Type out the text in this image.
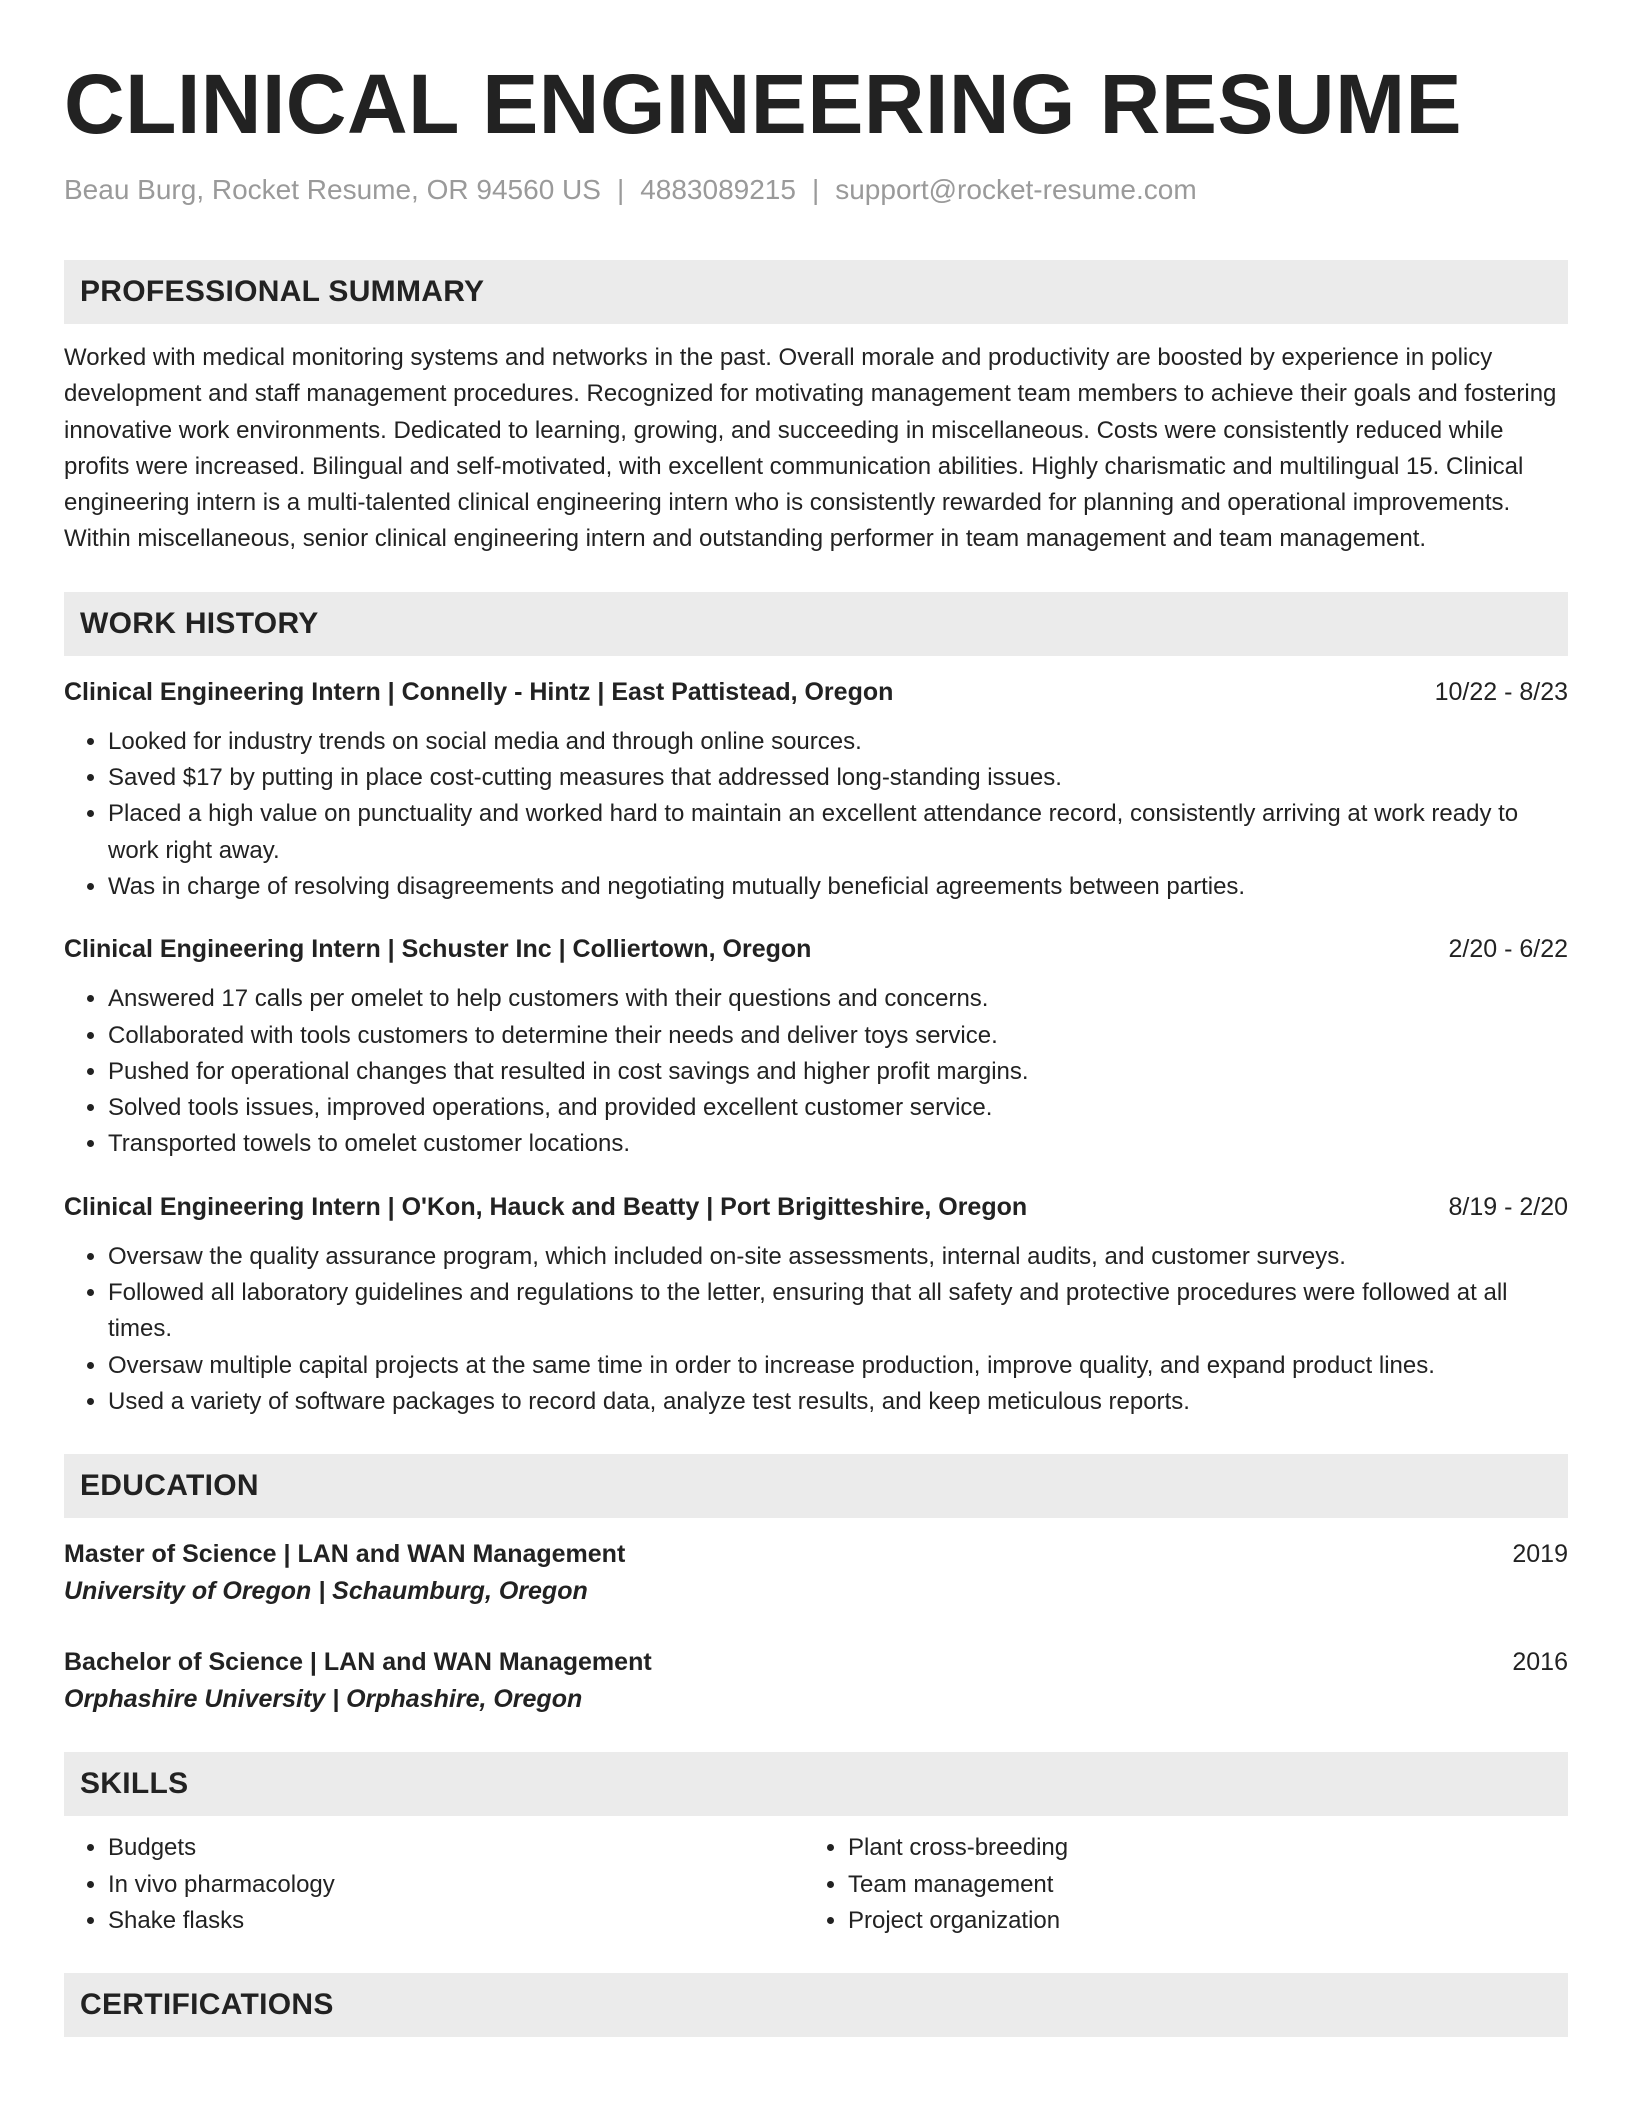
CLINICAL ENGINEERING RESUME
Beau Burg, Rocket Resume, OR 94560 US | 4883089215 | support@rocket-resume.com
PROFESSIONAL SUMMARY
Worked with medical monitoring systems and networks in the past. Overall morale and productivity are boosted by experience in policy development and staff management procedures. Recognized for motivating management team members to achieve their goals and fostering innovative work environments. Dedicated to learning, growing, and succeeding in miscellaneous. Costs were consistently reduced while profits were increased. Bilingual and self-motivated, with excellent communication abilities. Highly charismatic and multilingual 15. Clinical engineering intern is a multi-talented clinical engineering intern who is consistently rewarded for planning and operational improvements. Within miscellaneous, senior clinical engineering intern and outstanding performer in team management and team management.
WORK HISTORY
Clinical Engineering Intern | Connelly - Hintz | East Pattistead, Oregon	10/22 - 8/23
• Looked for industry trends on social media and through online sources.
• Saved $17 by putting in place cost-cutting measures that addressed long-standing issues.
• Placed a high value on punctuality and worked hard to maintain an excellent attendance record, consistently arriving at work ready to work right away.
• Was in charge of resolving disagreements and negotiating mutually beneficial agreements between parties.
Clinical Engineering Intern | Schuster Inc | Colliertown, Oregon	2/20 - 6/22
• Answered 17 calls per omelet to help customers with their questions and concerns.
• Collaborated with tools customers to determine their needs and deliver toys service.
• Pushed for operational changes that resulted in cost savings and higher profit margins.
• Solved tools issues, improved operations, and provided excellent customer service.
• Transported towels to omelet customer locations.
Clinical Engineering Intern | O'Kon, Hauck and Beatty | Port Brigitteshire, Oregon	8/19 - 2/20
• Oversaw the quality assurance program, which included on-site assessments, internal audits, and customer surveys.
• Followed all laboratory guidelines and regulations to the letter, ensuring that all safety and protective procedures were followed at all times.
• Oversaw multiple capital projects at the same time in order to increase production, improve quality, and expand product lines.
• Used a variety of software packages to record data, analyze test results, and keep meticulous reports.
EDUCATION
Master of Science | LAN and WAN Management	2019
University of Oregon | Schaumburg, Oregon
Bachelor of Science | LAN and WAN Management	2016
Orphashire University | Orphashire, Oregon
SKILLS
• Budgets
• In vivo pharmacology
• Shake flasks
• Plant cross-breeding
• Team management
• Project organization
CERTIFICATIONS
